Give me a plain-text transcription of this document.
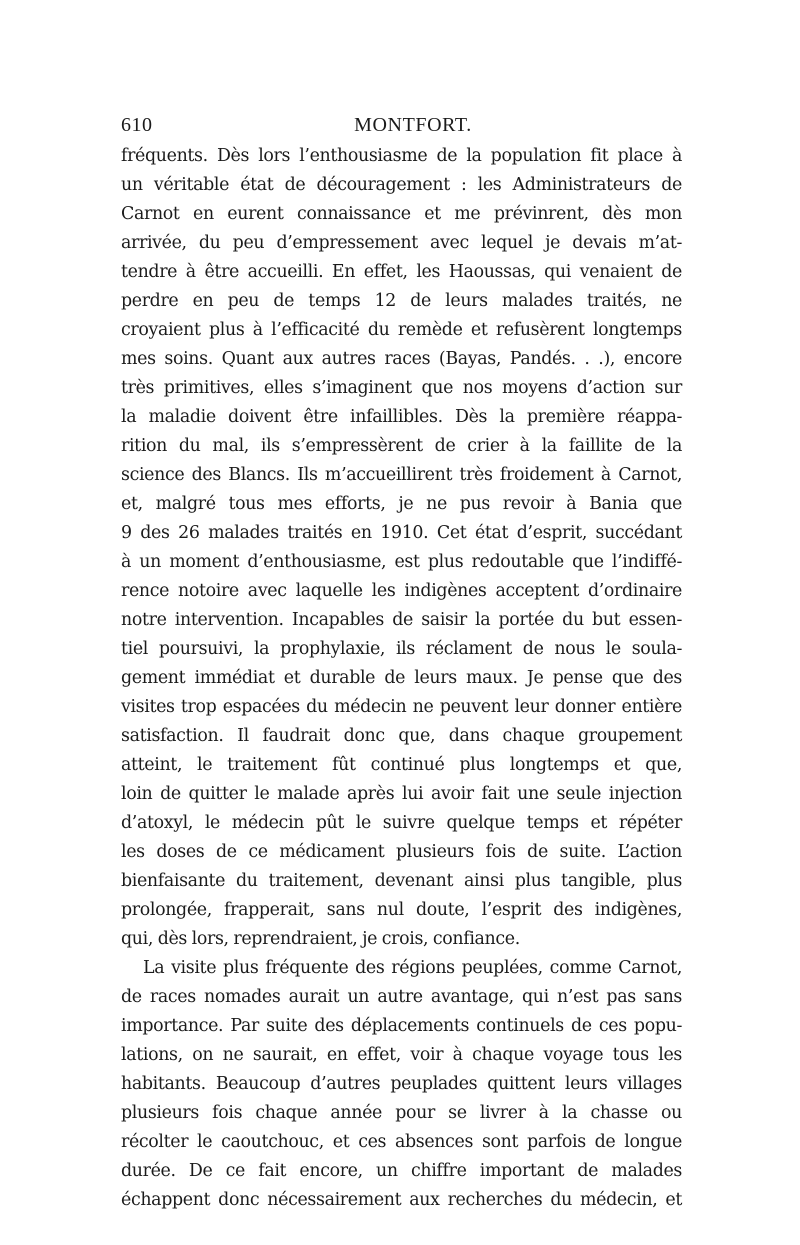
610	MONTFORT.
fréquents. Dès lors l’enthousiasme de la population fit place à
un véritable état de découragement : les Administrateurs de
Carnot en eurent connaissance et me prévinrent, dès mon
arrivée, du peu d’empressement avec lequel je devais m’at-
tendre à être accueilli. En effet, les Haoussas, qui venaient de
perdre en peu de temps 12 de leurs malades traités, ne
croyaient plus à l’efficacité du remède et refusèrent longtemps
mes soins. Quant aux autres races (Bayas, Pandés. . .), encore
très primitives, elles s’imaginent que nos moyens d’action sur
la maladie doivent être infaillibles. Dès la première réappa-
rition du mal, ils s’empressèrent de crier à la faillite de la
science des Blancs. Ils m’accueillirent très froidement à Carnot,
et, malgré tous mes efforts, je ne pus revoir à Bania que
9 des 26 malades traités en 1910. Cet état d’esprit, succédant
à un moment d’enthousiasme, est plus redoutable que l’indiffé-
rence notoire avec laquelle les indigènes acceptent d’ordinaire
notre intervention. Incapables de saisir la portée du but essen-
tiel poursuivi, la prophylaxie, ils réclament de nous le soula-
gement immédiat et durable de leurs maux. Je pense que des
visites trop espacées du médecin ne peuvent leur donner entière
satisfaction. Il faudrait donc que, dans chaque groupement
atteint, le traitement fût continué plus longtemps et que,
loin de quitter le malade après lui avoir fait une seule injection
d’atoxyl, le médecin pût le suivre quelque temps et répéter
les doses de ce médicament plusieurs fois de suite. L’action
bienfaisante du traitement, devenant ainsi plus tangible, plus
prolongée, frapperait, sans nul doute, l’esprit des indigènes,
qui, dès lors, reprendraient, je crois, confiance.
La visite plus fréquente des régions peuplées, comme Carnot,
de races nomades aurait un autre avantage, qui n’est pas sans
importance. Par suite des déplacements continuels de ces popu-
lations, on ne saurait, en effet, voir à chaque voyage tous les
habitants. Beaucoup d’autres peuplades quittent leurs villages
plusieurs fois chaque année pour se livrer à la chasse ou
récolter le caoutchouc, et ces absences sont parfois de longue
durée. De ce fait encore, un chiffre important de malades
échappent donc nécessairement aux recherches du médecin, et
